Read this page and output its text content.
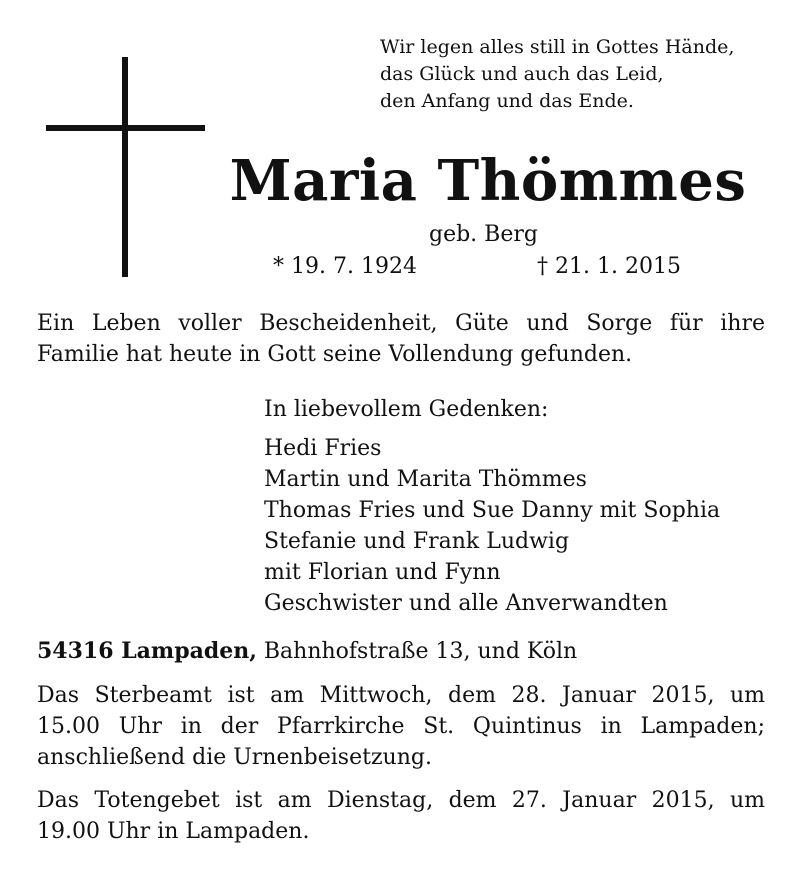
Wir legen alles still in Gottes Hände,
das Glück und auch das Leid,
den Anfang und das Ende.
Maria Thömmes
geb. Berg
* 19. 7. 1924	† 21. 1. 2015
Ein Leben voller Bescheidenheit, Güte und Sorge für ihre
Familie hat heute in Gott seine Vollendung gefunden.
In liebevollem Gedenken:
Hedi Fries
Martin und Marita Thömmes
Thomas Fries und Sue Danny mit Sophia
Stefanie und Frank Ludwig
mit Florian und Fynn
Geschwister und alle Anverwandten
54316 Lampaden, Bahnhofstraße 13, und Köln
Das Sterbeamt ist am Mittwoch, dem 28. Januar 2015, um
15.00 Uhr in der Pfarrkirche St. Quintinus in Lampaden;
anschließend die Urnenbeisetzung.
Das Totengebet ist am Dienstag, dem 27. Januar 2015, um
19.00 Uhr in Lampaden.
